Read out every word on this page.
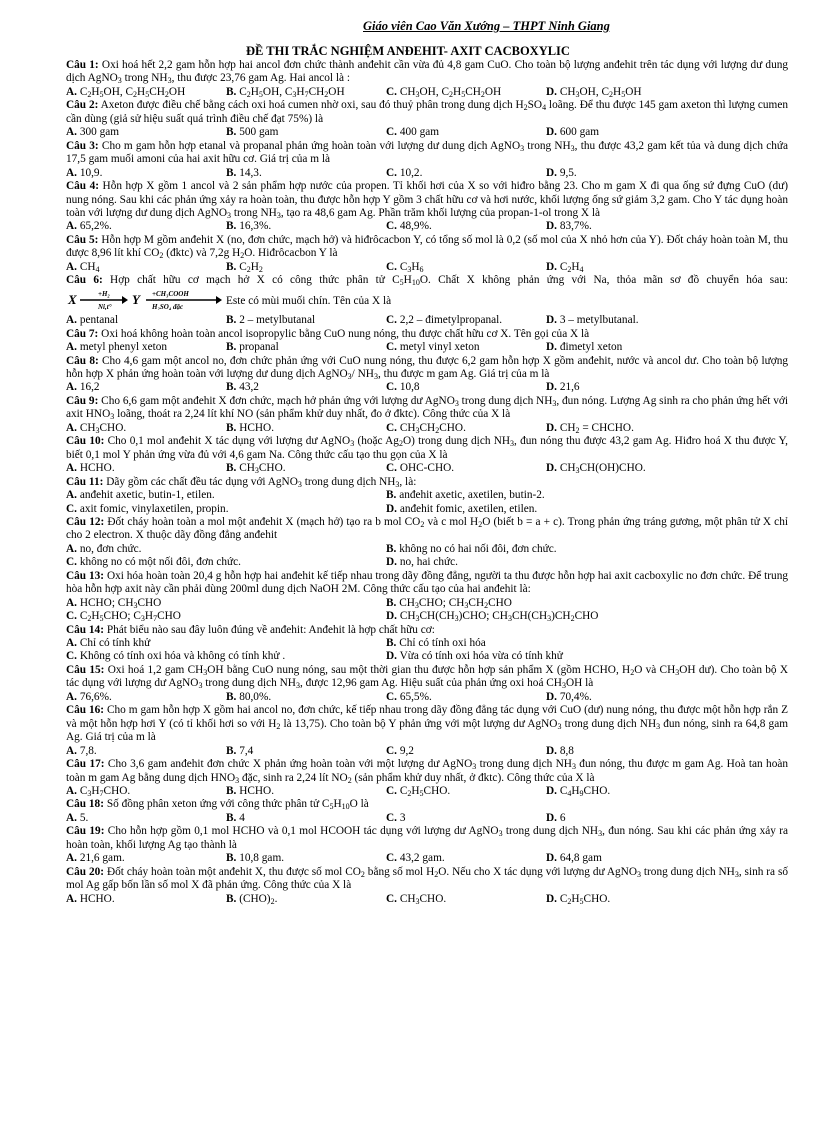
Giáo viên Cao Văn Xướng – THPT Ninh Giang
ĐỀ THI TRẮC NGHIỆM ANĐEHIT- AXIT CACBOXYLIC

Câu 1: Oxi hoá hết 2,2 gam hỗn hợp hai ancol đơn chức thành anđehit cần vừa đủ 4,8 gam CuO. Cho toàn bộ lượng anđehit trên tác dụng với lượng dư dung dịch AgNO$_3$ trong $NH_3$, thu được 23,76 gam Ag. Hai ancol là :

A. $C_2H_5OH$, $C_2H_5CH_2OH$	B. $C_2H_5OH$, $C_3H_7CH_2OH$	C. $CH_3OH$, $C_2H_5CH_2OH$	D. $CH_3OH$, $C_2H_5OH$

Câu 2: Axeton được điều chế bằng cách oxi hoá cumen nhờ oxi, sau đó thuỷ phân trong dung dịch $H_2SO_4$ loãng. Để thu được 145 gam axeton thì lượng cumen cần dùng (giả sử hiệu suất quá trình điều chế đạt 75%) là

A. 300 gam	B. 500 gam	C. 400 gam	D. 600 gam

Câu 3: Cho m gam hỗn hợp etanal và propanal phản ứng hoàn toàn với lượng dư dung dịch AgNO$_3$ trong $NH_3$, thu được 43,2 gam kết tủa và dung dịch chứa 17,5 gam muối amoni của hai axit hữu cơ. Giá trị của m là

A. 10,9.	B. 14,3.	C. 10,2.	D. 9,5.

Câu 4: Hỗn hợp X gồm 1 ancol và 2 sản phẩm hợp nước của propen. Tỉ khối hơi của X so với hiđro bằng 23. Cho m gam X đi qua ống sứ đựng CuO (dư) nung nóng. Sau khi các phản ứng xảy ra hoàn toàn, thu được hỗn hợp Y gồm 3 chất hữu cơ và hơi nước, khối lượng ống sứ giảm 3,2 gam. Cho Y tác dụng hoàn toàn với lượng dư dung dịch AgNO$_3$ trong $NH_3$, tạo ra 48,6 gam Ag. Phần trăm khối lượng của propan-1-ol trong X là

A. 65,2%.	B. 16,3%.	C. 48,9%.	D. 83,7%.

Câu 5: Hỗn hợp M gồm anđehit X (no, đơn chức, mạch hở) và hiđrôcacbon Y, có tổng số mol là 0,2 (số mol của X nhỏ hơn của Y). Đốt cháy hoàn toàn M, thu được 8,96 lít khí $CO_2$ (đktc) và 7,2g $H_2O$. Hiđrôcacbon Y là

A. $CH_4$	B. $C_2H_2$	C. $C_3H_6$	D. $C_2H_4$

Câu 6: Hợp chất hữu cơ mạch hở X có công thức phân tử $C_5H_{10}O$. Chất X không phản ứng với Na, thỏa mãn sơ đồ chuyển hóa sau:
X	+H₂
Ni,t° Y +CH₃COOH
H₂SO₄ đặc
Este có mùi muối chín. Tên của X là

A. pentanal	B. 2 – metylbutanal	C. 2,2 – đimetylpropanal.	D. 3 – metylbutanal.

Câu 7: Oxi hoá không hoàn toàn ancol isopropylic bằng CuO nung nóng, thu được chất hữu cơ X. Tên gọi của X là

A. metyl phenyl xeton	B. propanal	C. metyl vinyl xeton	D. đimetyl xeton

Câu 8: Cho 4,6 gam một ancol no, đơn chức phản ứng với CuO nung nóng, thu được 6,2 gam hỗn hợp X gồm anđehit, nước và ancol dư. Cho toàn bộ lượng hỗn hợp X phản ứng hoàn toàn với lượng dư dung dịch AgNO$_3$/ $NH_3$, thu được m gam Ag. Giá trị của m là

A. 16,2	B. 43,2	C. 10,8	D. 21,6

Câu 9: Cho 6,6 gam một anđehit X đơn chức, mạch hở phản ứng với lượng dư AgNO$_3$ trong dung dịch $NH_3$, đun nóng. Lượng Ag sinh ra cho phản ứng hết với axit $HNO_3$ loãng, thoát ra 2,24 lít khí NO (sản phẩm khử duy nhất, đo ở đktc). Công thức của X là

A. $CH_3CHO$.	B. HCHO.	C. $CH_3CH_2CHO$.	D. $CH_2$ = CHCHO.

Câu 10: Cho 0,1 mol anđehit X tác dụng với lượng dư AgNO$_3$ (hoặc $Ag_2O$) trong dung dịch $NH_3$, đun nóng thu được 43,2 gam Ag. Hiđro hoá X thu được Y, biết 0,1 mol Y phản ứng vừa đủ với 4,6 gam Na. Công thức cấu tạo thu gọn của X là

A. HCHO.	B. $CH_3CHO$.	C. OHC-CHO.	D. $CH_3CH(OH)CHO$.

Câu 11: Dãy gồm các chất đều tác dụng với AgNO$_3$ trong dung dịch $NH_3$, là:

A. anđehit axetic, butin-1, etilen.	B. anđehit axetic, axetilen, butin-2.
C. axit fomic, vinylaxetilen, propin.	D. anđehit fomic, axetilen, etilen.

Câu 12: Đốt cháy hoàn toàn a mol một anđehit X (mạch hở) tạo ra b mol $CO_2$ và c mol $H_2O$ (biết b = a + c). Trong phản ứng tráng gương, một phân tử X chỉ cho 2 electron. X thuộc dãy đồng đẳng anđehit

A. no, đơn chức.	B. không no có hai nối đôi, đơn chức.
C. không no có một nối đôi, đơn chức.	D. no, hai chức.

Câu 13: Oxi hóa hoàn toàn 20,4 g hỗn hợp hai anđehit kế tiếp nhau trong dãy đồng đẳng, người ta thu được hỗn hợp hai axit cacboxylic no đơn chức. Để trung hòa hỗn hợp axit này cần phải dùng 200ml dung dịch NaOH 2M. Công thức cấu tạo của hai anđehit là:

A. HCHO; $CH_3CHO$	B. $CH_3CHO$; $CH_3CH_2CHO$
C. $C_2H_5CHO$; $C_3H_7CHO$	D. $CH_3CH(CH_3)CHO$; $CH_3CH(CH_3)CH_2CHO$

Câu 14: Phát biểu nào sau đây luôn đúng về anđehit: Anđehit là hợp chất hữu cơ:

A. Chỉ có tính khử	B. Chỉ có tính oxi hóa
C. Không có tính oxi hóa và không có tính khử .	D. Vừa có tính oxi hóa vừa có tính khử

Câu 15: Oxi hoá 1,2 gam $CH_3OH$ bằng CuO nung nóng, sau một thời gian thu được hỗn hợp sản phẩm X (gồm HCHO, $H_2O$ và $CH_3OH$ dư). Cho toàn bộ X tác dụng với lượng dư AgNO$_3$ trong dung dịch $NH_3$, được 12,96 gam Ag. Hiệu suất của phản ứng oxi hoá $CH_3OH$ là

A. 76,6%.	B. 80,0%.	C. 65,5%.	D. 70,4%.

Câu 16: Cho m gam hỗn hợp X gồm hai ancol no, đơn chức, kế tiếp nhau trong dãy đồng đẳng tác dụng với CuO (dư) nung nóng, thu được một hỗn hợp rắn Z và một hỗn hợp hơi Y (có tỉ khối hơi so với $H_2$ là 13,75). Cho toàn bộ Y phản ứng với một lượng dư AgNO$_3$ trong dung dịch $NH_3$ đun nóng, sinh ra 64,8 gam Ag. Giá trị của m là

A. 7,8.	B. 7,4	C. 9,2	D. 8,8

Câu 17: Cho 3,6 gam anđehit đơn chức X phản ứng hoàn toàn với một lượng dư AgNO$_3$ trong dung dịch $NH_3$ đun nóng, thu được m gam Ag. Hoà tan hoàn toàn m gam Ag bằng dung dịch $HNO_3$ đặc, sinh ra 2,24 lít $NO_2$ (sản phẩm khử duy nhất, ở đktc). Công thức của X là

A. $C_3H_7CHO$.	B. HCHO.	C. $C_2H_5CHO$.	D. $C_4H_9CHO$.

Câu 18: Số đồng phân xeton ứng với công thức phân tử $C_5H_{10}O$ là

A. 5.	B. 4	C. 3	D. 6

Câu 19: Cho hỗn hợp gồm 0,1 mol HCHO và 0,1 mol HCOOH tác dụng với lượng dư AgNO$_3$ trong dung dịch $NH_3$, đun nóng. Sau khi các phản ứng xảy ra hoàn toàn, khối lượng Ag tạo thành là

A. 21,6 gam.	B. 10,8 gam.	C. 43,2 gam.	D. 64,8 gam

Câu 20: Đốt cháy hoàn toàn một anđehit X, thu được số mol $CO_2$ bằng số mol $H_2O$. Nếu cho X tác dụng với lượng dư AgNO$_3$ trong dung dịch $NH_3$, sinh ra số mol Ag gấp bốn lần số mol X đã phản ứng. Công thức của X là

A. HCHO.	B. $(CHO)_2$.	C. $CH_3CHO$.	D. $C_2H_5CHO$.
